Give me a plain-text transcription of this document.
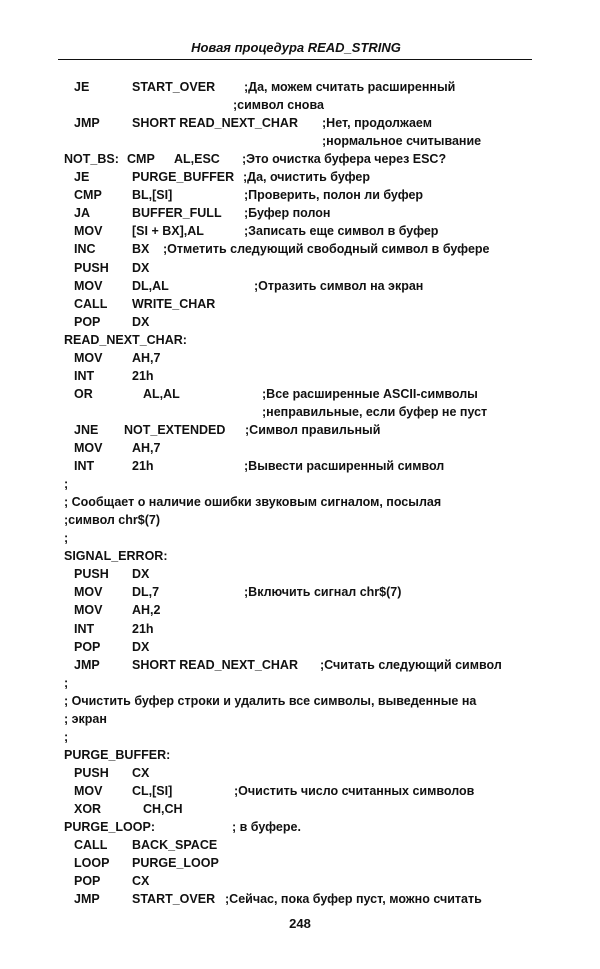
Новая процедура READ_STRING
JE	START_OVER ;Да, можем считать расширенный
;символ снова
JMP	SHORT READ_NEXT_CHAR ;Нет, продолжаем
;нормальное считывание
NOT_BS: CMP AL,ESC ;Это очистка буфера через ESC?
JE	PURGE_BUFFER ;Да, очистить буфер
CMP BL,[SI]	;Проверить, полон ли буфер
JA	BUFFER_FULL ;Буфер полон
MOV [SI + BX],AL	;Записать еще символ в буфер
INC	BX ;Отметить следующий свободный символ в буфере
PUSH DX
MOV DL,AL	;Отразить символ на экран
CALL WRITE_CHAR
POP	DX
READ_NEXT_CHAR:
MOV AH,7
INT	21h
OR	AL,AL	;Все расширенные ASCII-символы
;неправильные, если буфер не пуст
JNE NOT_EXTENDED ;Символ правильный
MOV AH,7
INT	21h	;Вывести расширенный символ
;
; Сообщает о наличие ошибки звуковым сигналом, посылая
;символ chr$(7)
;
SIGNAL_ERROR:
PUSH DX
MOV DL,7	;Включить сигнал chr$(7)
MOV AH,2
INT	21h
POP	DX
JMP	SHORT READ_NEXT_CHAR ;Считать следующий символ
;
; Очистить буфер строки и удалить все символы, выведенные на
; экран
;
PURGE_BUFFER:
PUSH CX
MOV CL,[SI]	;Очистить число считанных символов
XOR	CH,CH
PURGE_LOOP:	; в буфере.
CALL BACK_SPACE
LOOP PURGE_LOOP
POP	CX
JMP	START_OVER ;Сейчас, пока буфер пуст, можно считать
248
